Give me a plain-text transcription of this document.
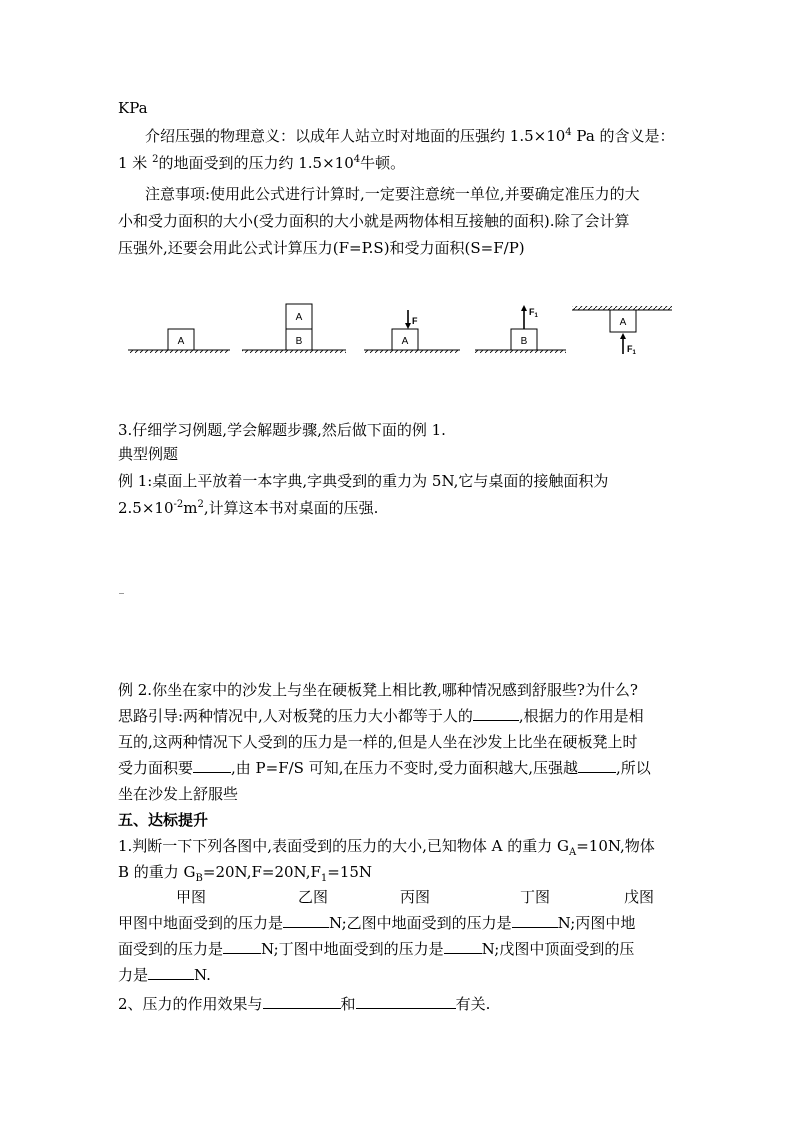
KPa
介绍压强的物理意义：以成年人站立时对地面的压强约 $1.5\times 10^4$ Pa 的含义是：
1 米 $^2$的地面受到的压力约 $1.5\times 10^4$牛顿。
注意事项:使用此公式进行计算时,一定要注意统一单位,并要确定准压力的大
小和受力面积的大小(受力面积的大小就是两物体相互接触的面积).除了会计算
压强外,还要会用此公式计算压力(F=P.S)和受力面积(S=F/P)
A
A
B	A
F
B
$F_1$
A
$F_1$
3.仔细学习例题,学会解题步骤,然后做下面的例 1.
典型例题
例 1:桌面上平放着一本字典,字典受到的重力为 5N,它与桌面的接触面积为
$2.5\times 10^{-2}m^2$,计算这本书对桌面的压强.
例 2.你坐在家中的沙发上与坐在硬板凳上相比教,哪种情况感到舒服些?为什么?
思路引导:两种情况中,人对板凳的压力大小都等于人的	,根据力的作用是相
互的,这两种情况下人受到的压力是一样的,但是人坐在沙发上比坐在硬板凳上时
受力面积要	,由 P=F/S 可知,在压力不变时,受力面积越大,压强越	,所以
坐在沙发上舒服些
五、达标提升
1.判断一下下列各图中,表面受到的压力的大小,已知物体 A 的重力 $G_A=10N$,物体
B 的重力 $G_B=20N,F=20N,F_1=15N$
甲图	乙图	丙图	丁图	戊图
甲图中地面受到的压力是	N;乙图中地面受到的压力是	N;丙图中地
面受到的压力是	N;丁图中地面受到的压力是	N;戊图中顶面受到的压
力是	N.
2、压力的作用效果与	和	有关.
